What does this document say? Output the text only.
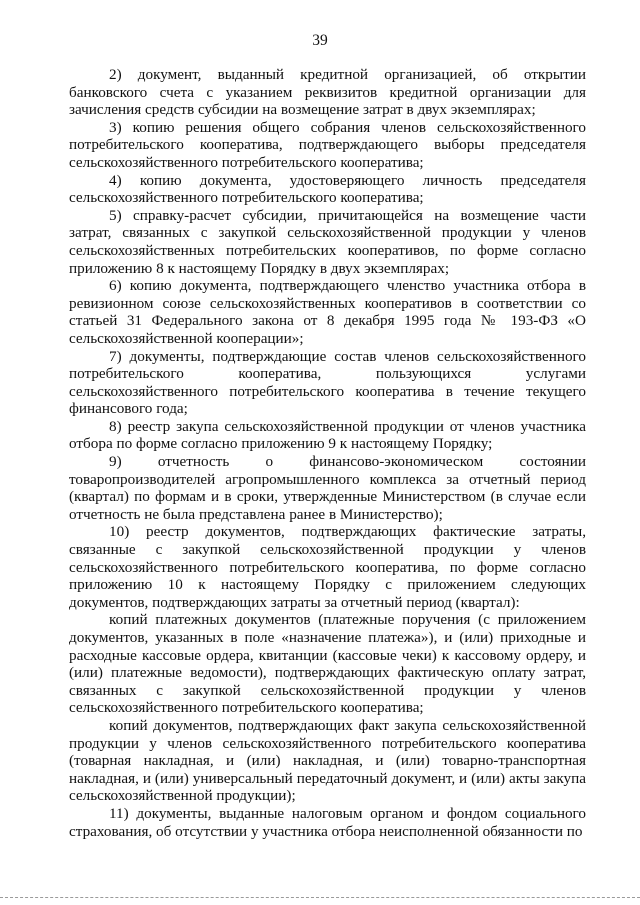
39

2) документ, выданный кредитной организацией, об открытии банковского счета с указанием реквизитов кредитной организации для зачисления средств субсидии на возмещение затрат в двух экземплярах;

3) копию решения общего собрания членов сельскохозяйственного потребительского кооператива, подтверждающего выборы председателя сельскохозяйственного потребительского кооператива;

4) копию документа, удостоверяющего личность председателя сельскохозяйственного потребительского кооператива;

5) справку-расчет субсидии, причитающейся на возмещение части затрат, связанных с закупкой сельскохозяйственной продукции у членов сельскохозяйственных потребительских кооперативов, по форме согласно приложению 8 к настоящему Порядку в двух экземплярах;

6) копию документа, подтверждающего членство участника отбора в ревизионном союзе сельскохозяйственных кооперативов в соответствии со статьей 31 Федерального закона от 8 декабря 1995 года № 193-ФЗ «О сельскохозяйственной кооперации»;

7) документы, подтверждающие состав членов сельскохозяйственного потребительского кооператива, пользующихся услугами сельскохозяйственного потребительского кооператива в течение текущего финансового года;

8) реестр закупа сельскохозяйственной продукции от членов участника отбора по форме согласно приложению 9 к настоящему Порядку;

9) отчетность о финансово-экономическом состоянии товаропроизводителей агропромышленного комплекса за отчетный период (квартал) по формам и в сроки, утвержденные Министерством (в случае если отчетность не была представлена ранее в Министерство);

10) реестр документов, подтверждающих фактические затраты, связанные с закупкой сельскохозяйственной продукции у членов сельскохозяйственного потребительского кооператива, по форме согласно приложению 10 к настоящему Порядку с приложением следующих документов, подтверждающих затраты за отчетный период (квартал):

копий платежных документов (платежные поручения (с приложением документов, указанных в поле «назначение платежа»), и (или) приходные и расходные кассовые ордера, квитанции (кассовые чеки) к кассовому ордеру, и (или) платежные ведомости), подтверждающих фактическую оплату затрат, связанных с закупкой сельскохозяйственной продукции у членов сельскохозяйственного потребительского кооператива;

копий документов, подтверждающих факт закупа сельскохозяйственной продукции у членов сельскохозяйственного потребительского кооператива (товарная накладная, и (или) накладная, и (или) товарно-транспортная накладная, и (или) универсальный передаточный документ, и (или) акты закупа сельскохозяйственной продукции);

11) документы, выданные налоговым органом и фондом социального страхования, об отсутствии у участника отбора неисполненной обязанности по
